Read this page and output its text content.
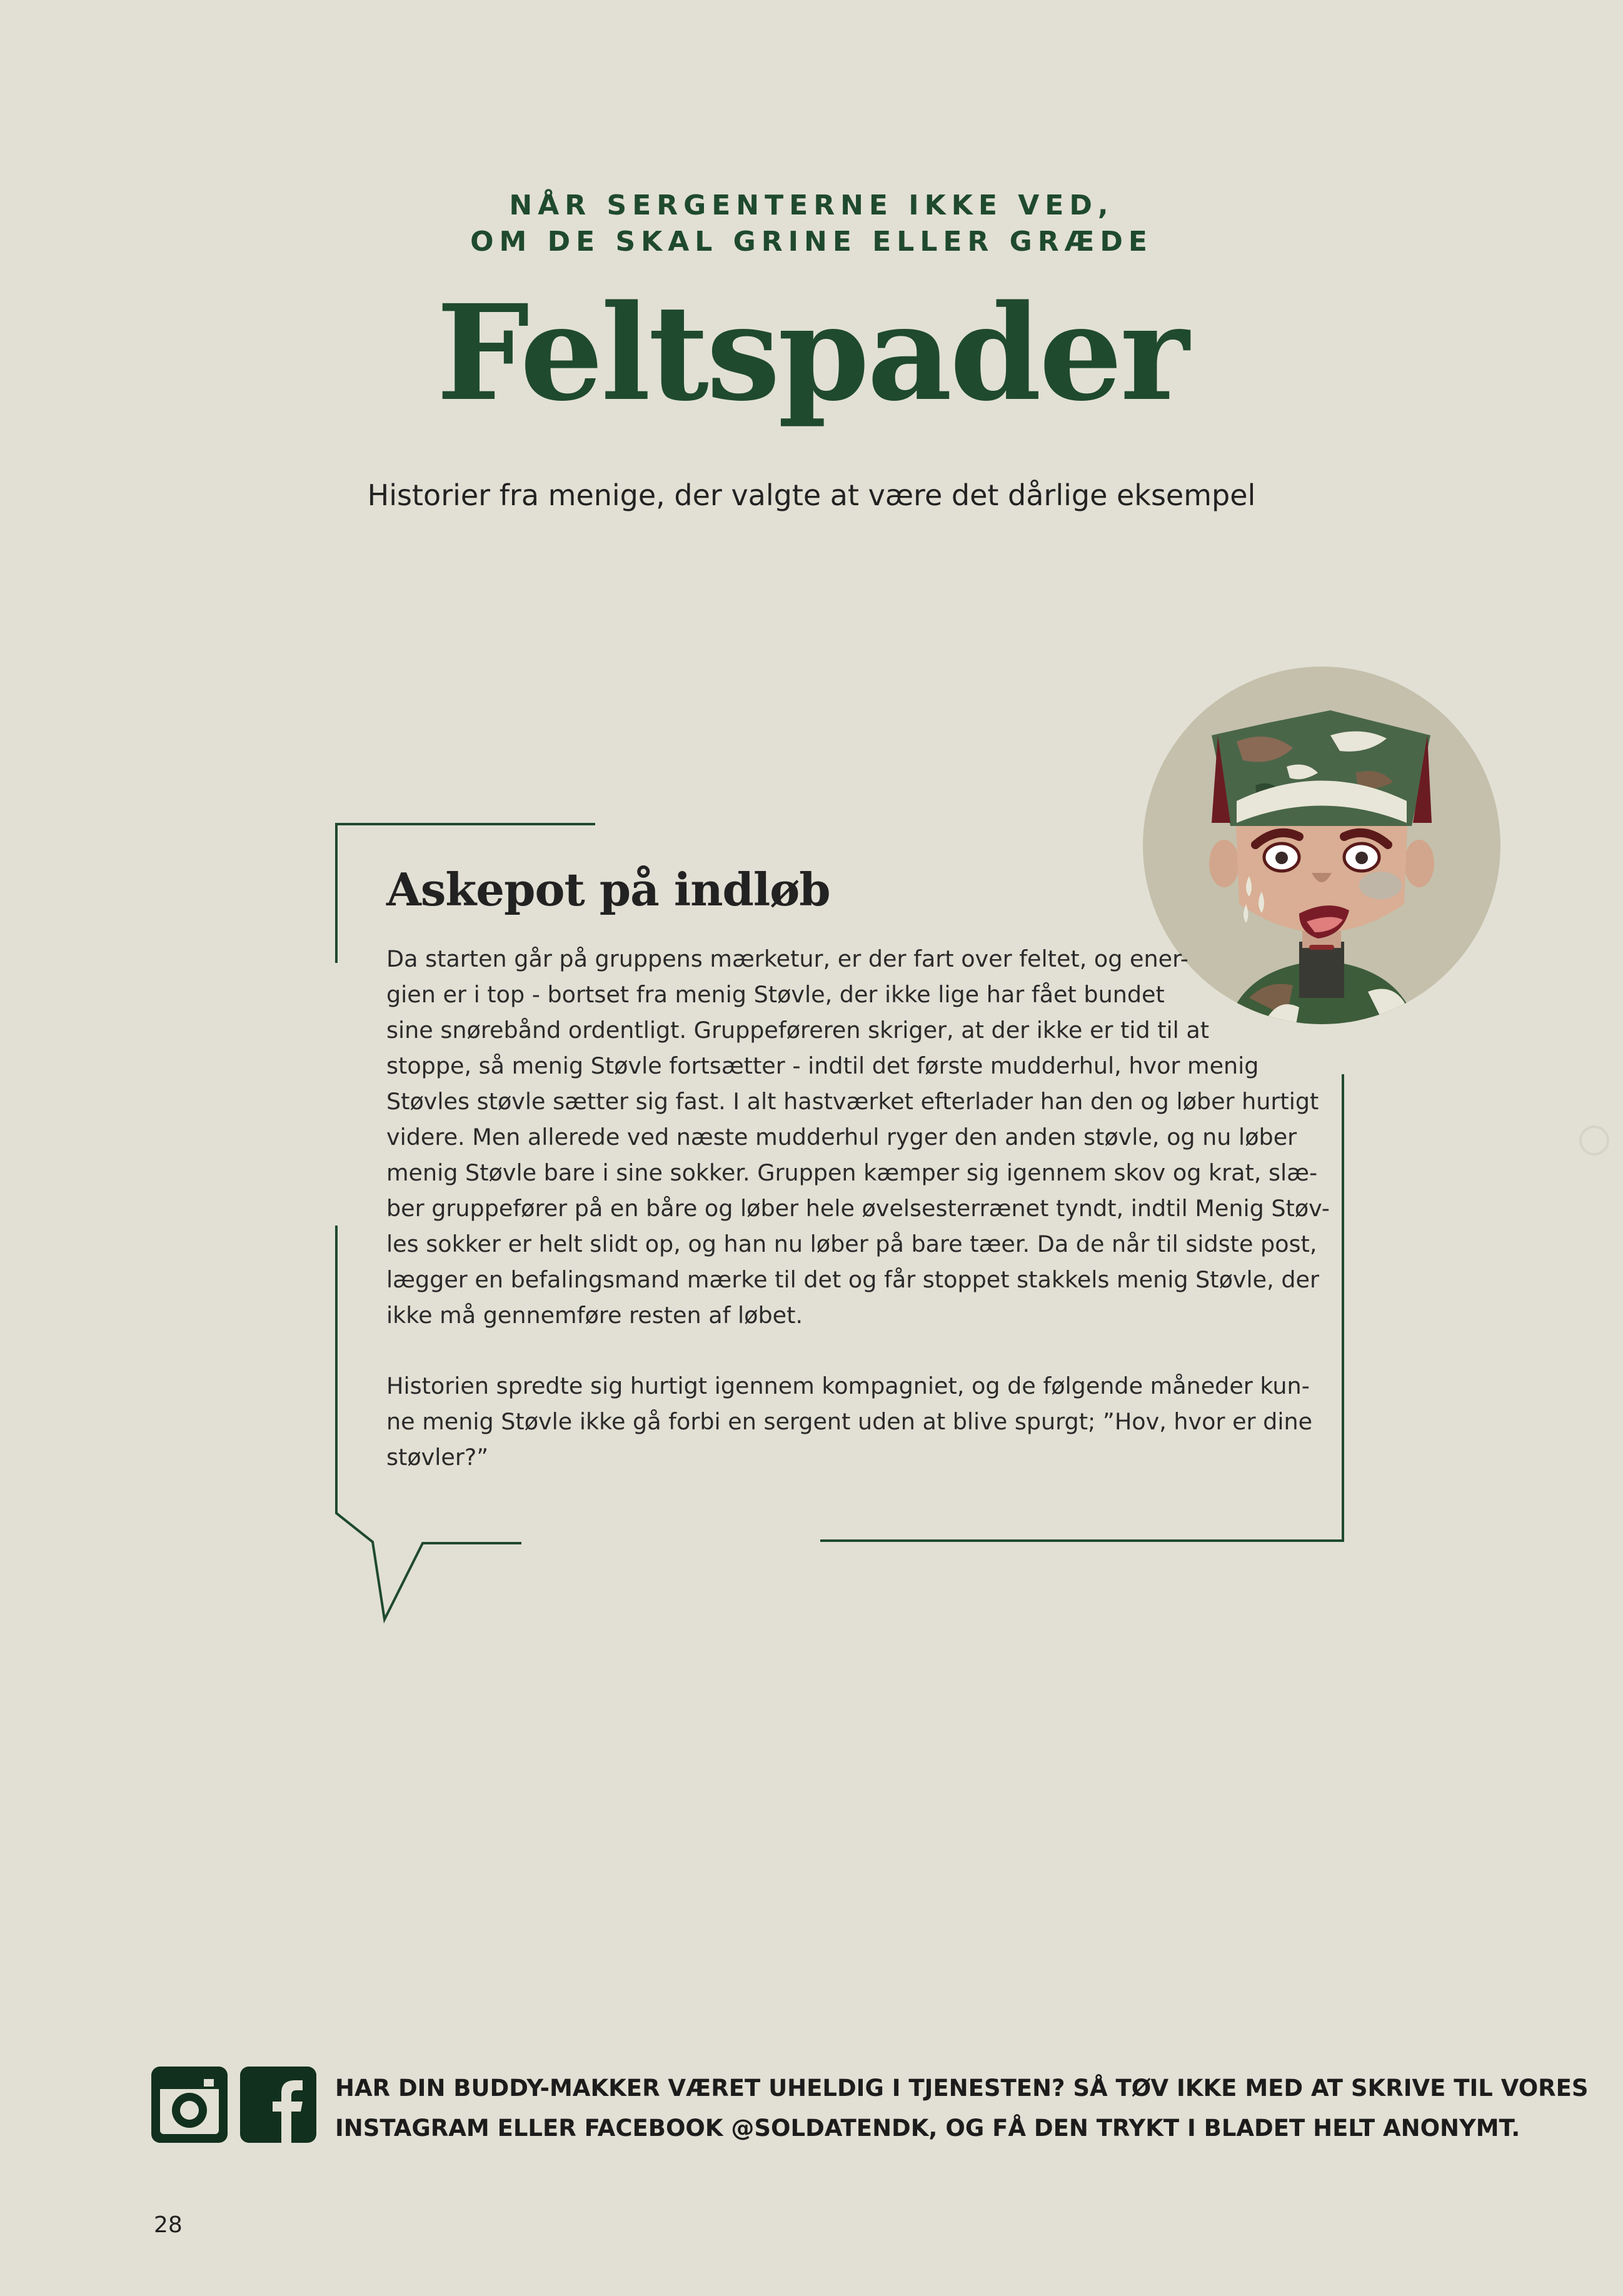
NÅR SERGENTERNE IKKE VED,
OM DE SKAL GRINE ELLER GRÆDE
Feltspader
Historier fra menige, der valgte at være det dårlige eksempel
Askepot på indløb

Da starten går på gruppens mærketur, er der fart over feltet, og ener-
gien er i top - bortset fra menig Støvle, der ikke lige har fået bundet
sine snørebånd ordentligt. Gruppeføreren skriger, at der ikke er tid til at
stoppe, så menig Støvle fortsætter - indtil det første mudderhul, hvor menig
Støvles støvle sætter sig fast. I alt hastværket efterlader han den og løber hurtigt
videre. Men allerede ved næste mudderhul ryger den anden støvle, og nu løber
menig Støvle bare i sine sokker. Gruppen kæmper sig igennem skov og krat, slæ-
ber gruppefører på en båre og løber hele øvelsesterrænet tyndt, indtil Menig Støv-
les sokker er helt slidt op, og han nu løber på bare tæer. Da de når til sidste post,
lægger en befalingsmand mærke til det og får stoppet stakkels menig Støvle, der
ikke må gennemføre resten af løbet.

Historien spredte sig hurtigt igennem kompagniet, og de følgende måneder kun-
ne menig Støvle ikke gå forbi en sergent uden at blive spurgt; ”Hov, hvor er dine
støvler?”

HAR DIN BUDDY-MAKKER VÆRET UHELDIG I TJENESTEN? SÅ TØV IKKE MED AT SKRIVE TIL VORES
INSTAGRAM ELLER FACEBOOK @SOLDATENDK, OG FÅ DEN TRYKT I BLADET HELT ANONYMT.
28
